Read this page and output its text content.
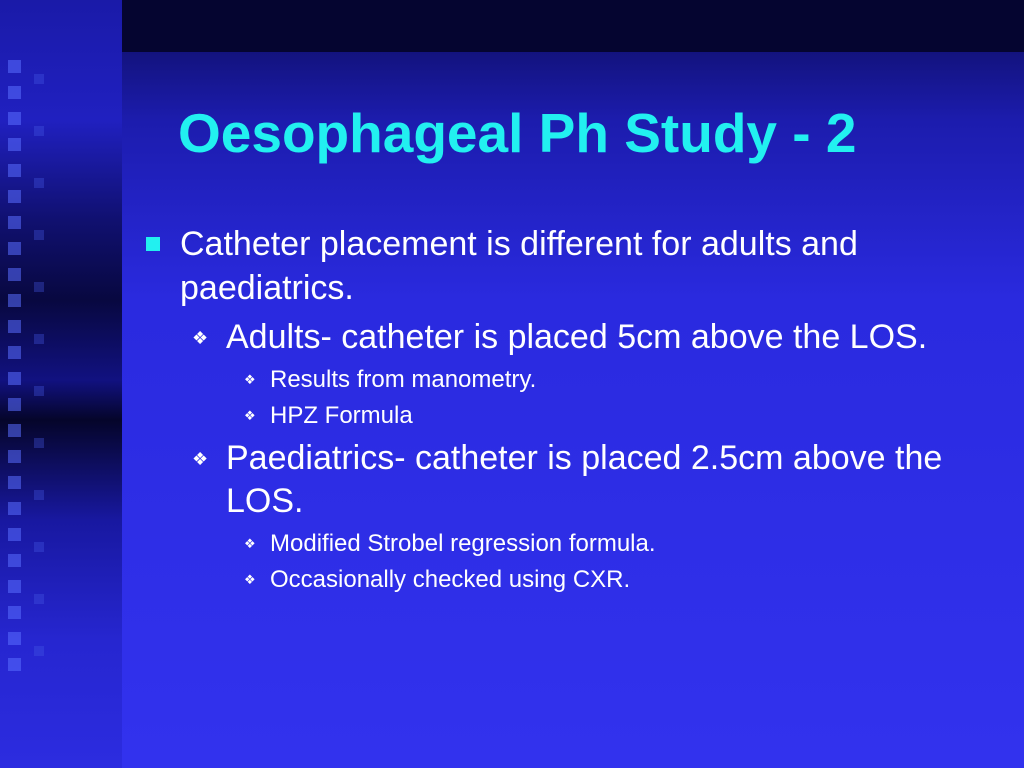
Oesophageal Ph Study - 2
Catheter placement is different for adults and paediatrics.
❖ Adults- catheter is placed 5cm above the LOS.
❖ Results from manometry.
❖ HPZ Formula
❖ Paediatrics- catheter is placed 2.5cm above the LOS.
❖ Modified Strobel regression formula.
❖ Occasionally checked using CXR.
